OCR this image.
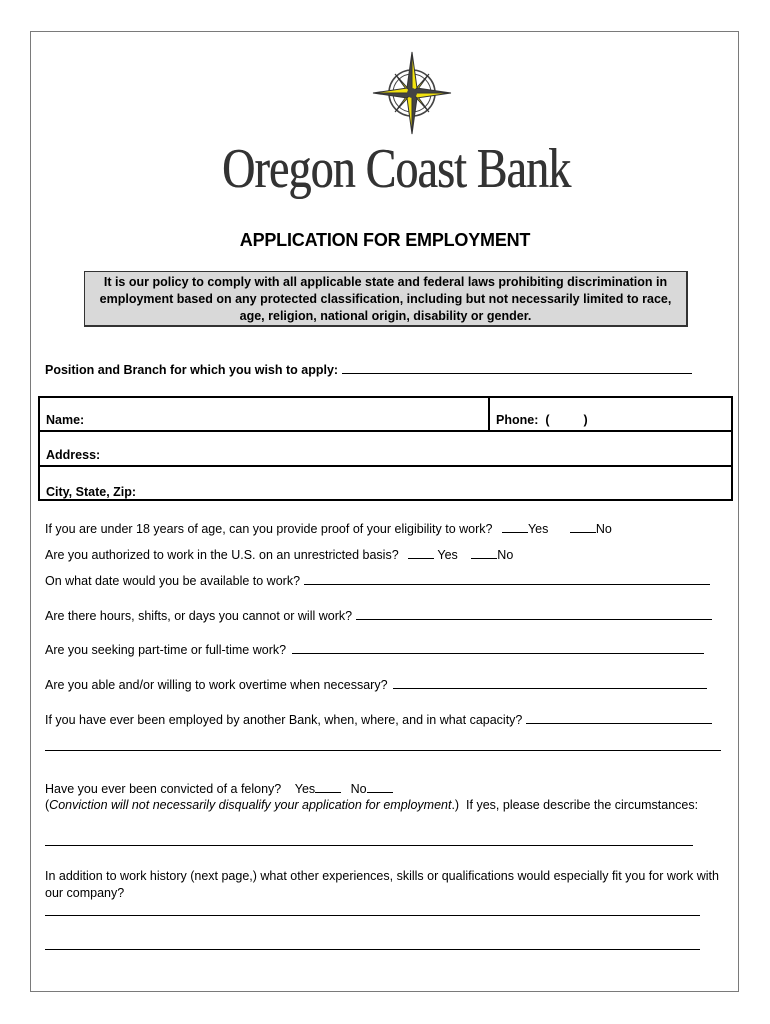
Oregon Coast Bank
APPLICATION FOR EMPLOYMENT
It is our policy to comply with all applicable state and federal laws prohibiting discrimination in employment based on any protected classification, including but not necessarily limited to race, age, religion, national origin, disability or gender.
Position and Branch for which you wish to apply:
Name:	Phone: (	)
Address:
City, State, Zip:
If you are under 18 years of age, can you provide proof of your eligibility to work?	Yes	No
Are you authorized to work in the U.S. on an unrestricted basis?	Yes	No
On what date would you be available to work?
Are there hours, shifts, or days you cannot or will work?
Are you seeking part-time or full-time work?
Are you able and/or willing to work overtime when necessary?
If you have ever been employed by another Bank, when, where, and in what capacity?
Have you ever been convicted of a felony? Yes	No
(Conviction will not necessarily disqualify your application for employment.)  If yes, please describe the circumstances:
In addition to work history (next page,) what other experiences, skills or qualifications would especially fit you for work with our company?
